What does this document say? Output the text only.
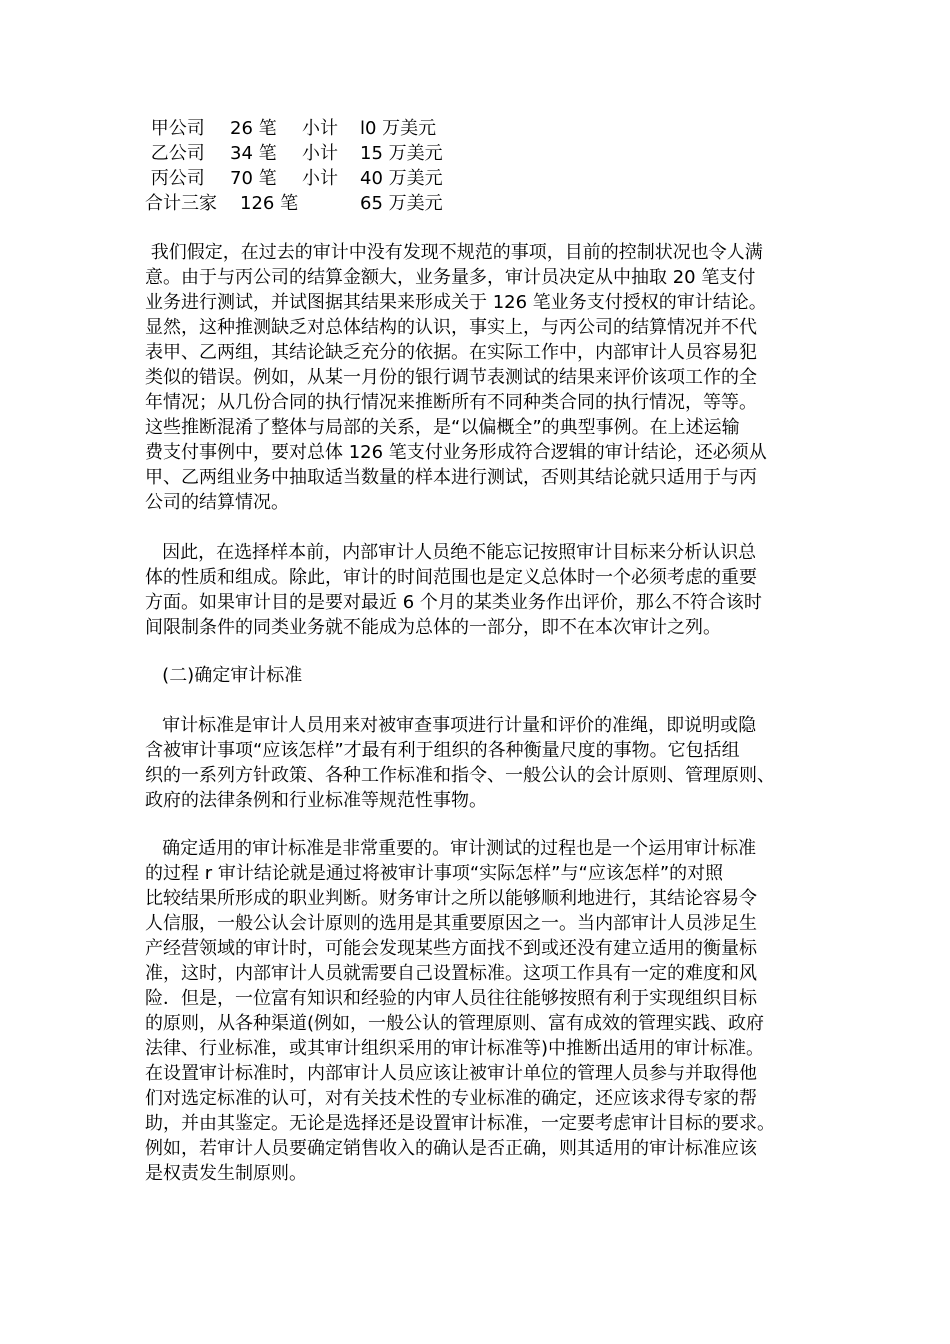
甲公司

26 笔

小计

l0 万美元

乙公司

34 笔

小计

15 万美元

丙公司

70 笔

小计

40 万美元

合计三家

126 笔

	65 万美元

我们假定，在过去的审计中没有发现不规范的事项，目前的控制状况也令人满
意。由于与丙公司的结算金额大，业务量多，审计员决定从中抽取 20 笔支付
业务进行测试，并试图据其结果来形成关于 126 笔业务支付授权的审计结论。
显然，这种推测缺乏对总体结构的认识，事实上，与丙公司的结算情况并不代
表甲、乙两组，其结论缺乏充分的依据。在实际工作中，内部审计人员容易犯
类似的错误。例如，从某一月份的银行调节表测试的结果来评价该项工作的全
年情况；从几份合同的执行情况来推断所有不同种类合同的执行情况，等等。
这些推断混淆了整体与局部的关系，是“以偏概全”的典型事例。在上述运输
费支付事例中，要对总体 126 笔支付业务形成符合逻辑的审计结论，还必须从
甲、乙两组业务中抽取适当数量的样本进行测试，否则其结论就只适用于与丙
公司的结算情况。
因此，在选择样本前，内部审计人员绝不能忘记按照审计目标来分析认识总
体的性质和组成。除此，审计的时间范围也是定义总体时一个必须考虑的重要
方面。如果审计目的是要对最近 6 个月的某类业务作出评价，那么不符合该时
间限制条件的同类业务就不能成为总体的一部分，即不在本次审计之列。
(二)确定审计标准
审计标准是审计人员用来对被审查事项进行计量和评价的准绳，即说明或隐
含被审计事项“应该怎样”才最有利于组织的各种衡量尺度的事物。它包括组
织的一系列方针政策、各种工作标准和指令、一般公认的会计原则、管理原则、
政府的法律条例和行业标准等规范性事物。
确定适用的审计标准是非常重要的。审计测试的过程也是一个运用审计标准
的过程 r 审计结论就是通过将被审计事项“实际怎样”与“应该怎样”的对照
比较结果所形成的职业判断。财务审计之所以能够顺利地进行，其结论容易令
人信服，一般公认会计原则的选用是其重要原因之一。当内部审计人员涉足生
产经营领域的审计时，可能会发现某些方面找不到或还没有建立适用的衡量标
准，这时，内部审计人员就需要自己设置标准。这项工作具有一定的难度和风
险．但是，一位富有知识和经验的内审人员往往能够按照有利于实现组织目标
的原则，从各种渠道(例如，一般公认的管理原则、富有成效的管理实践、政府
法律、行业标准，或其审计组织采用的审计标准等)中推断出适用的审计标准。
在设置审计标准时，内部审计人员应该让被审计单位的管理人员参与并取得他
们对选定标准的认可，对有关技术性的专业标准的确定，还应该求得专家的帮
助，并由其鉴定。无论是选择还是设置审计标准，一定要考虑审计目标的要求。
例如，若审计人员要确定销售收入的确认是否正确，则其适用的审计标准应该
是权责发生制原则。
